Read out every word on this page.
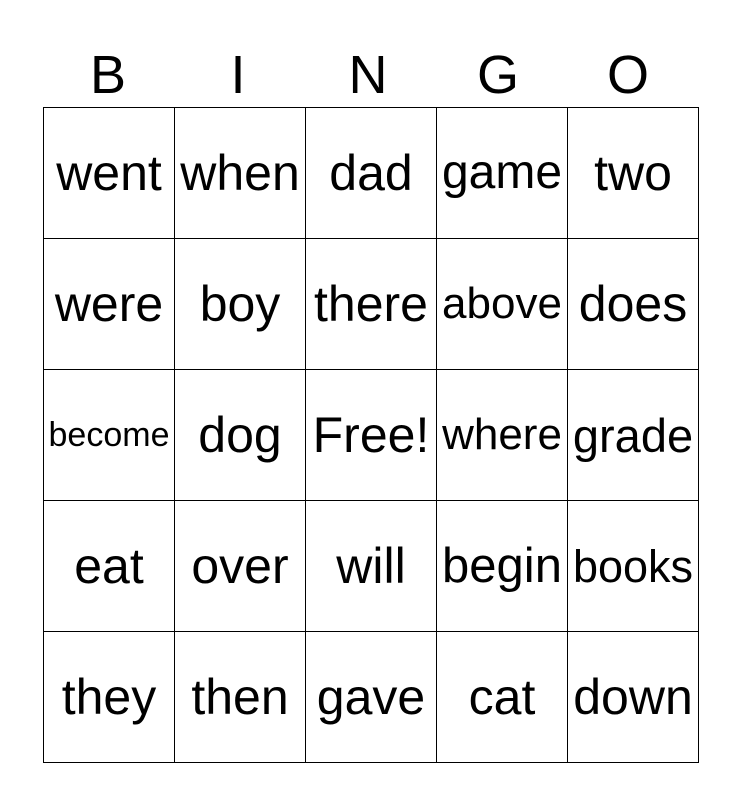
B	I	N	G	O
went	when	dad	game	two
were	boy	there	above	does
become	dog	Free!	where	grade
eat	over	will	begin	books
they	then	gave	cat	down
